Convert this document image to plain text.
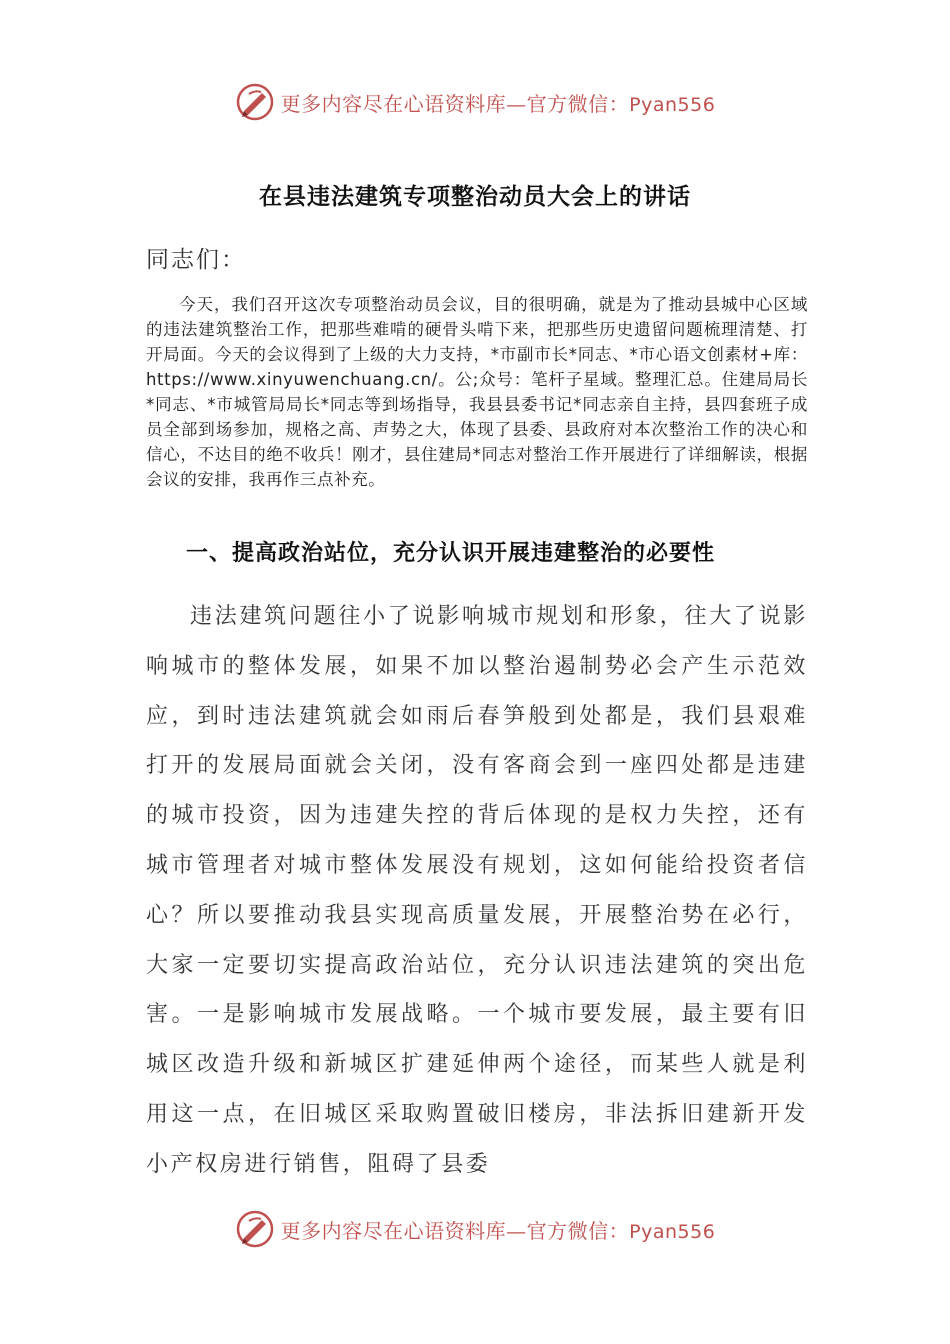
更多内容尽在心语资料库—官方微信：Pyan556
在县违法建筑专项整治动员大会上的讲话
同志们：

今天，我们召开这次专项整治动员会议，目的很明确，就是为了推动县城中心区域的违法建筑整治工作，把那些难啃的硬骨头啃下来，把那些历史遗留问题梳理清楚、打开局面。今天的会议得到了上级的大力支持，*市副市长*同志、*市心语文创素材+库：https://www.xinyuwenchuang.cn/。公;众号：笔杆子星域。整理汇总。住建局局长*同志、*市城管局局长*同志等到场指导，我县县委书记*同志亲自主持，县四套班子成员全部到场参加，规格之高、声势之大，体现了县委、县政府对本次整治工作的决心和信心，不达目的绝不收兵！刚才，县住建局*同志对整治工作开展进行了详细解读，根据会议的安排，我再作三点补充。

一、提高政治站位，充分认识开展违建整治的必要性

违法建筑问题往小了说影响城市规划和形象，往大了说影响城市的整体发展，如果不加以整治遏制势必会产生示范效应，到时违法建筑就会如雨后春笋般到处都是，我们县艰难打开的发展局面就会关闭，没有客商会到一座四处都是违建的城市投资，因为违建失控的背后体现的是权力失控，还有城市管理者对城市整体发展没有规划，这如何能给投资者信心？所以要推动我县实现高质量发展，开展整治势在必行，大家一定要切实提高政治站位，充分认识违法建筑的突出危害。一是影响城市发展战略。一个城市要发展，最主要有旧城区改造升级和新城区扩建延伸两个途径，而某些人就是利用这一点，在旧城区采取购置破旧楼房，非法拆旧建新开发小产权房进行销售，阻碍了县委

更多内容尽在心语资料库—官方微信：Pyan556
